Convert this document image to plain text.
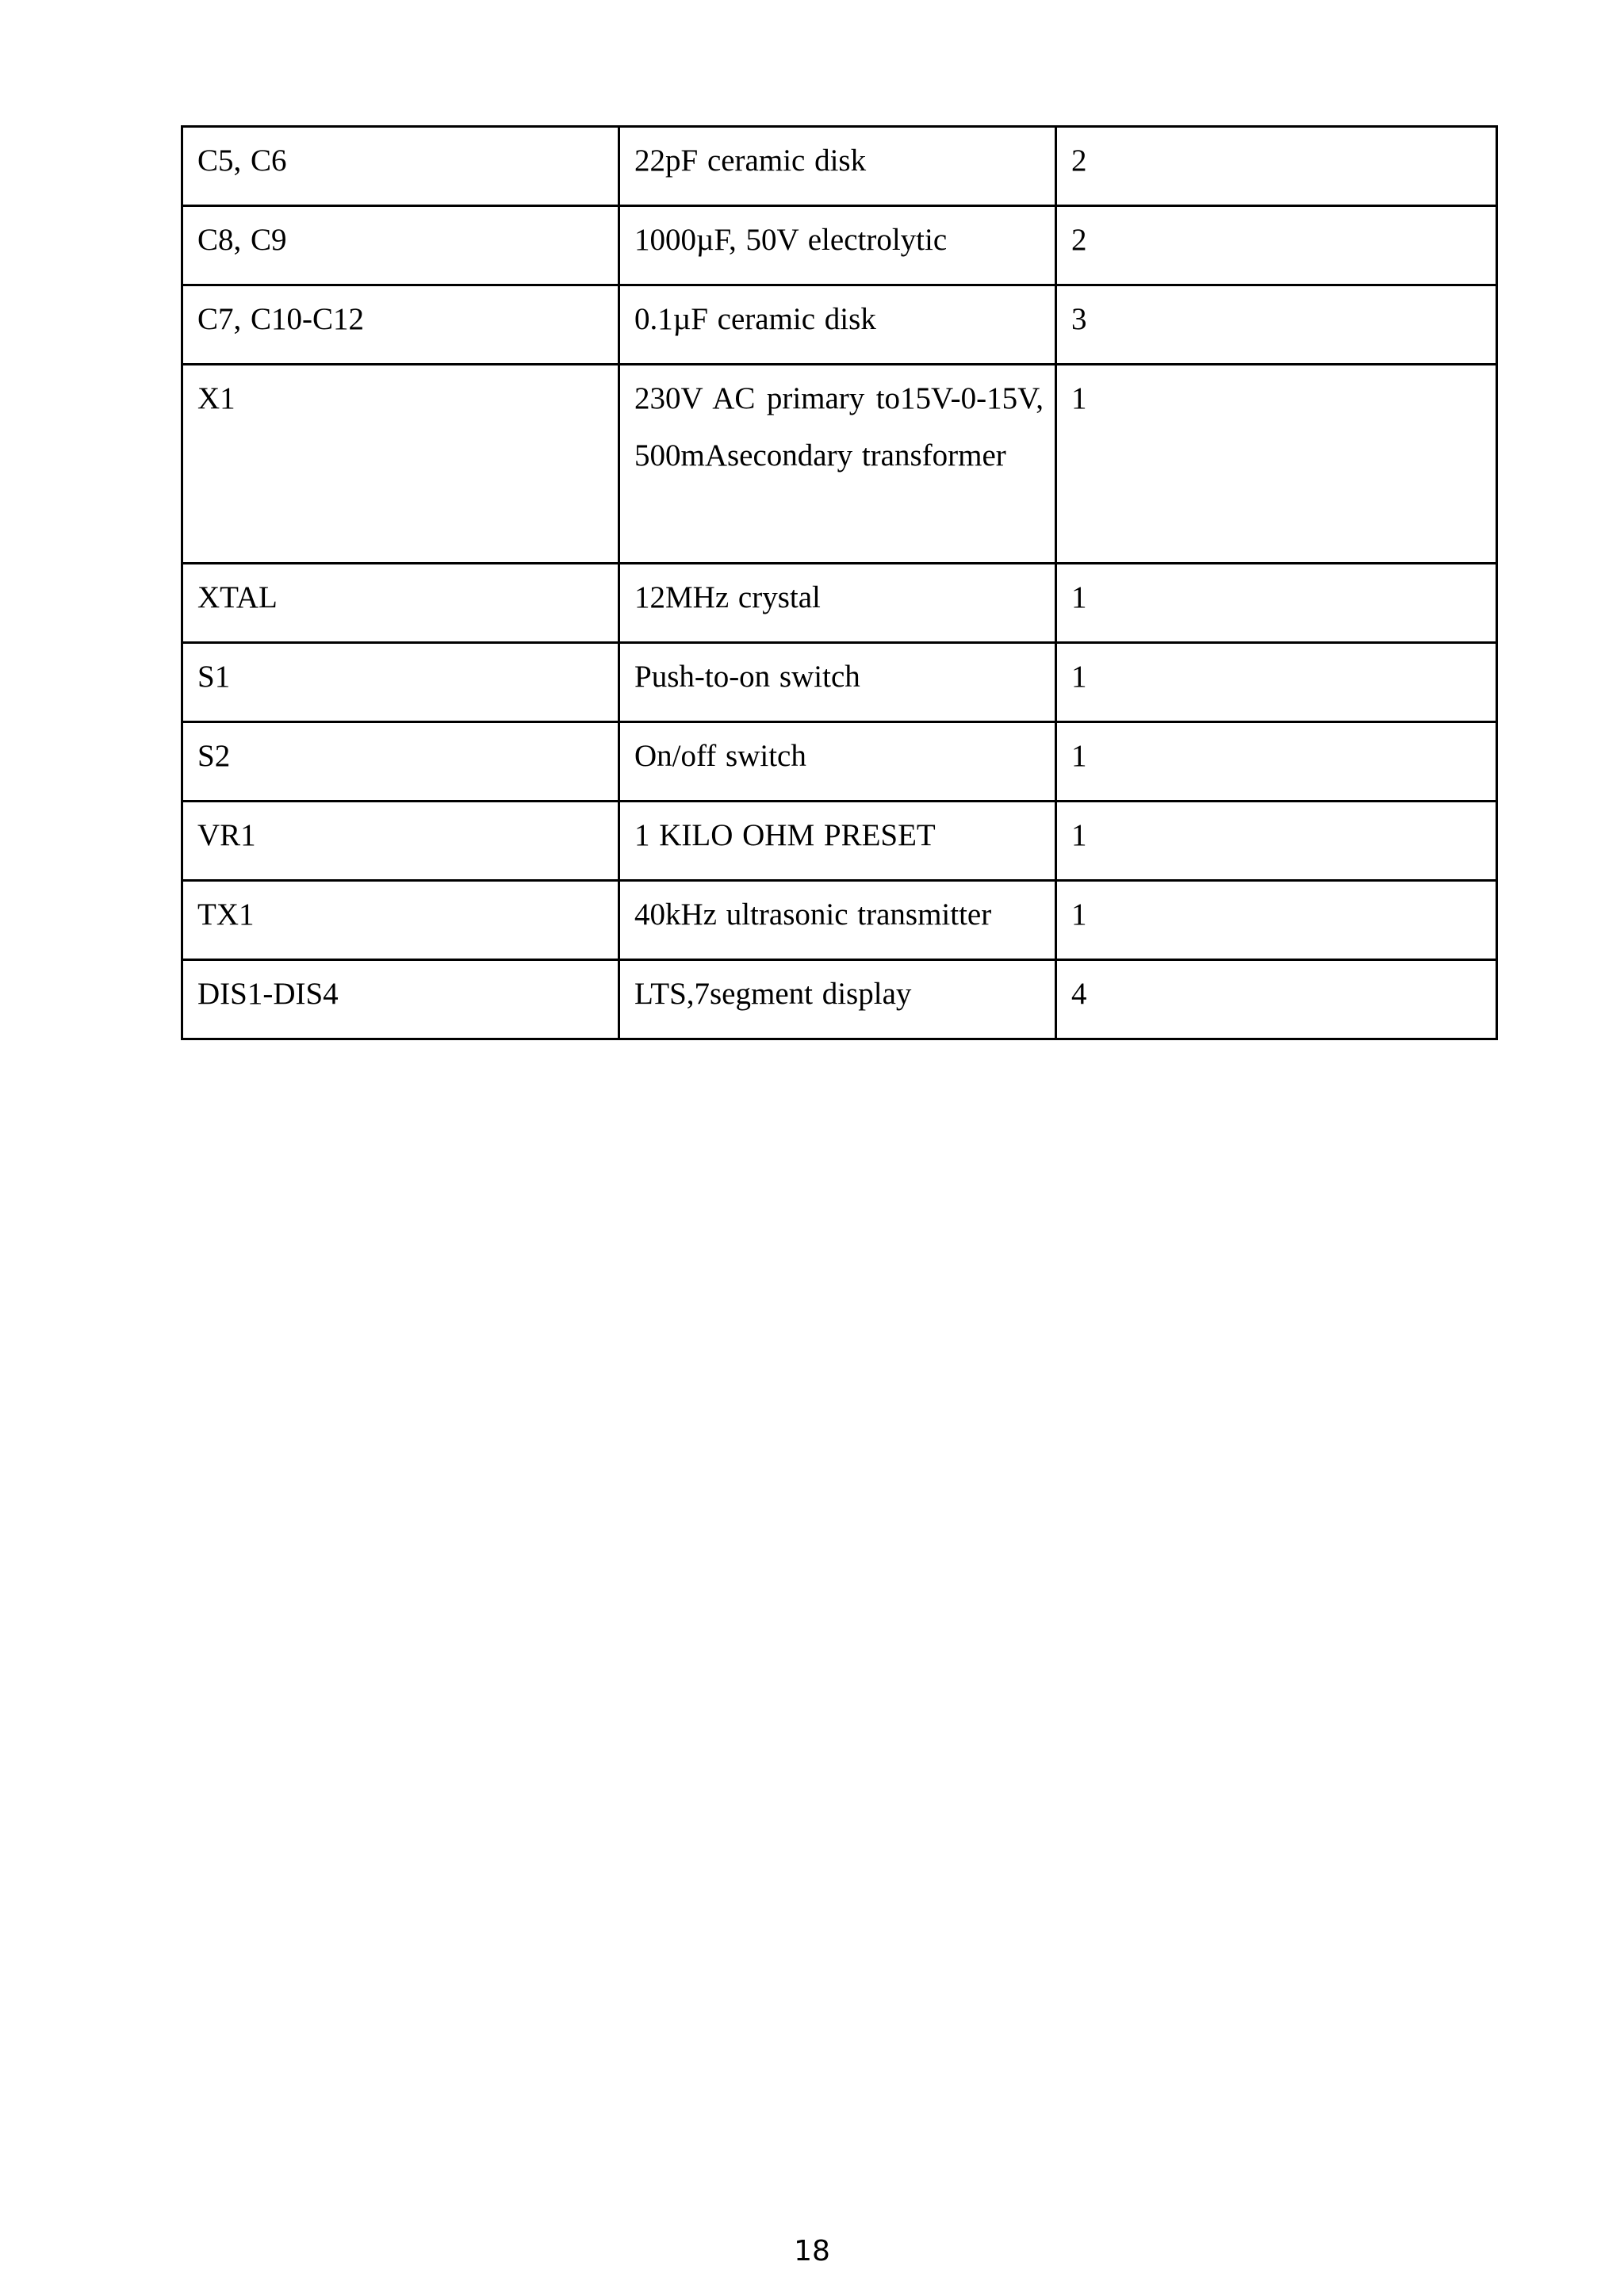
C5, C6	22pF ceramic disk	2
C8, C9	1000µF, 50V electrolytic	2
C7, C10-C12	0.1µF ceramic disk	3
X1	230V AC primary to15V-0-15V, 500mAsecondary transformer	1
XTAL	12MHz crystal	1
S1	Push-to-on switch	1
S2	On/off switch	1
VR1	1 KILO OHM PRESET	1
TX1	40kHz ultrasonic transmitter	1
DIS1-DIS4	LTS,7segment display	4
18
